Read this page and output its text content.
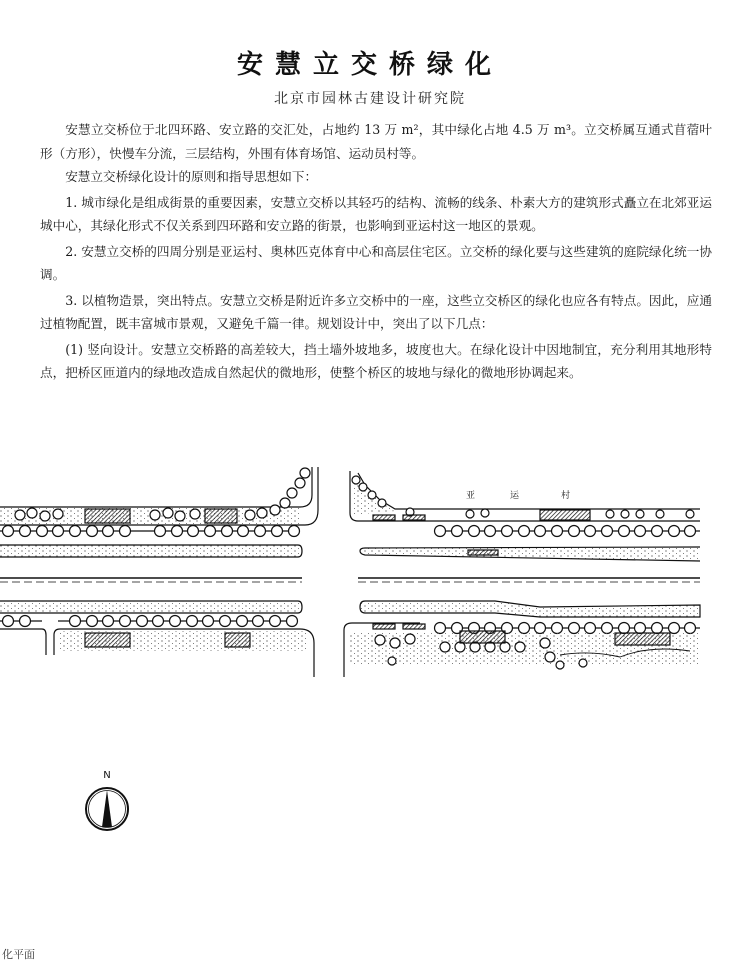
安慧立交桥绿化
北京市园林古建设计研究院

安慧立交桥位于北四环路、安立路的交汇处，占地约 13 万 m²，其中绿化占地 4.5 万 m³。立交桥属互通式苜蓿叶形（方形），快慢车分流，三层结构，外围有体育场馆、运动员村等。

安慧立交桥绿化设计的原则和指导思想如下：

1. 城市绿化是组成街景的重要因素，安慧立交桥以其轻巧的结构、流畅的线条、朴素大方的建筑形式矗立在北郊亚运城中心，其绿化形式不仅关系到四环路和安立路的街景，也影响到亚运村这一地区的景观。

2. 安慧立交桥的四周分别是亚运村、奥林匹克体育中心和高层住宅区。立交桥的绿化要与这些建筑的庭院绿化统一协调。

3. 以植物造景，突出特点。安慧立交桥是附近许多立交桥中的一座，这些立交桥区的绿化也应各有特点。因此，应通过植物配置，既丰富城市景观，又避免千篇一律。规划设计中，突出了以下几点：

(1) 竖向设计。安慧立交桥路的高差较大，挡土墙外坡地多，坡度也大。在绿化设计中因地制宜，充分利用其地形特点，把桥区匝道内的绿地改造成自然起伏的微地形，使整个桥区的坡地与绿化的微地形协调起来。

亚	运	村
N
化平面
